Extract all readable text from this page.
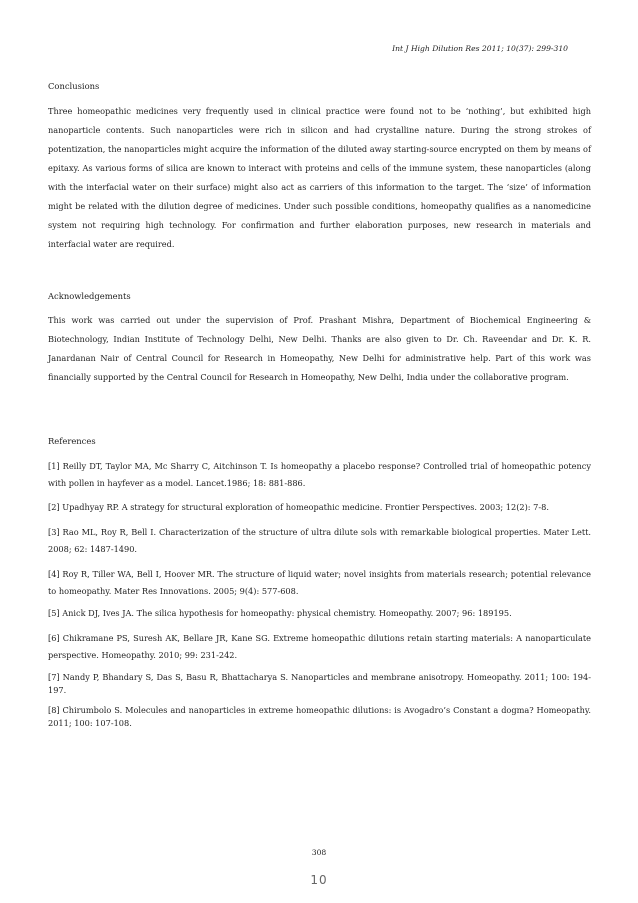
Int J High Dilution Res 2011; 10(37): 299-310
Conclusions
Three homeopathic medicines very frequently used in clinical practice were found not to be ‘nothing’, but exhibited high nanoparticle contents. Such nanoparticles were rich in silicon and had crystalline nature. During the strong strokes of potentization, the nanoparticles might acquire the information of the diluted away starting-source encrypted on them by means of epitaxy. As various forms of silica are known to interact with proteins and cells of the immune system, these nanoparticles (along with the interfacial water on their surface) might also act as carriers of this information to the target. The ‘size’ of information might be related with the dilution degree of medicines. Under such possible conditions, homeopathy qualifies as a nanomedicine system not requiring high technology. For confirmation and further elaboration purposes, new research in materials and interfacial water are required.
Acknowledgements
This work was carried out under the supervision of Prof. Prashant Mishra, Department of Biochemical Engineering & Biotechnology, Indian Institute of Technology Delhi, New Delhi. Thanks are also given to Dr. Ch. Raveendar and Dr. K. R. Janardanan Nair of Central Council for Research in Homeopathy, New Delhi for administrative help. Part of this work was financially supported by the Central Council for Research in Homeopathy, New Delhi, India under the collaborative program.
References
[1] Reilly DT, Taylor MA, Mc Sharry C, Aitchinson T. Is homeopathy a placebo response? Controlled trial of homeopathic potency with pollen in hayfever as a model. Lancet.1986; 18: 881-886.
[2] Upadhyay RP. A strategy for structural exploration of homeopathic medicine. Frontier Perspectives. 2003; 12(2): 7-8.
[3] Rao ML, Roy R, Bell I. Characterization of the structure of ultra dilute sols with remarkable biological properties. Mater Lett. 2008; 62: 1487-1490.
[4] Roy R, Tiller WA, Bell I, Hoover MR. The structure of liquid water; novel insights from materials research; potential relevance to homeopathy. Mater Res Innovations. 2005; 9(4): 577-608.
[5] Anick DJ, Ives JA. The silica hypothesis for homeopathy: physical chemistry. Homeopathy. 2007; 96: 189195.
[6] Chikramane PS, Suresh AK, Bellare JR, Kane SG. Extreme homeopathic dilutions retain starting materials: A nanoparticulate perspective. Homeopathy. 2010; 99: 231-242.
[7] Nandy P, Bhandary S, Das S, Basu R, Bhattacharya S. Nanoparticles and membrane anisotropy. Homeopathy. 2011; 100: 194-197.
[8] Chirumbolo S. Molecules and nanoparticles in extreme homeopathic dilutions: is Avogadro’s Constant a dogma? Homeopathy. 2011; 100: 107-108.
308
10
